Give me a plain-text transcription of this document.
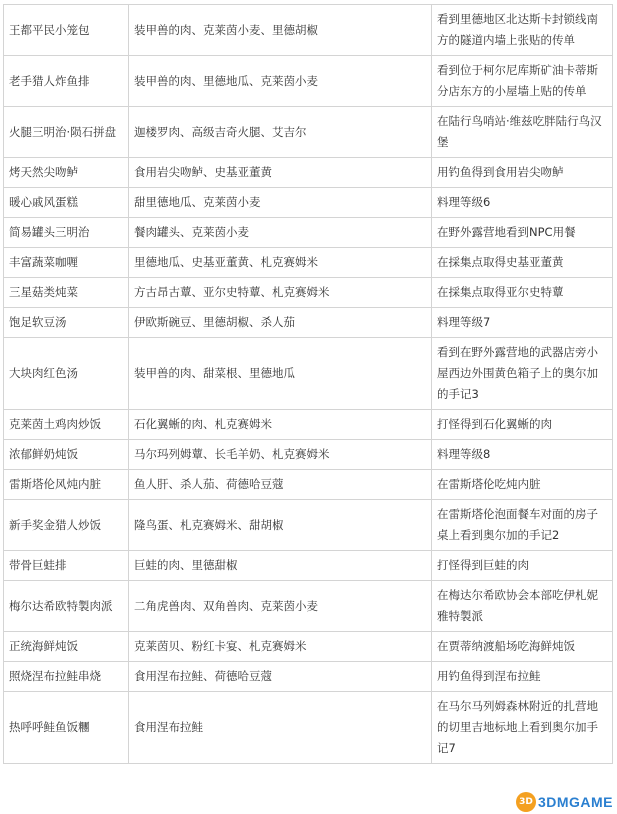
王都平民小笼包	装甲兽的肉、克莱茵小麦、里德胡椒	看到里德地区北达斯卡封锁线南方的隧道内墙上张贴的传单
老手猎人炸鱼排	装甲兽的肉、里德地瓜、克莱茵小麦	看到位于柯尔尼库斯矿油卡蒂斯分店东方的小屋墙上贴的传单
火腿三明治·陨石拼盘	迦楼罗肉、高级吉奇火腿、艾吉尔	在陆行鸟哨站·维兹吃胖陆行鸟汉堡
烤天然尖吻鲈	食用岩尖吻鲈、史基亚董黄	用钓鱼得到食用岩尖吻鲈
暖心戚风蛋糕	甜里德地瓜、克莱茵小麦	料理等级6
简易罐头三明治	餐肉罐头、克莱茵小麦	在野外露营地看到NPC用餐
丰富蔬菜咖喱	里德地瓜、史基亚董黄、札克赛姆米	在採集点取得史基亚董黄
三星菇类炖菜	方古昂古蕈、亚尔史特蕈、札克赛姆米	在採集点取得亚尔史特蕈
饱足软豆汤	伊欧斯碗豆、里德胡椒、杀人茄	料理等级7
大块肉红色汤	装甲兽的肉、甜菜根、里德地瓜	看到在野外露营地的武器店旁小屋西边外围黄色箱子上的奥尔加的手记3
克莱茵土鸡肉炒饭	石化翼蜥的肉、札克赛姆米	打怪得到石化翼蜥的肉
浓郁鲜奶炖饭	马尔玛列姆蕈、长毛羊奶、札克赛姆米	料理等级8
雷斯塔伦风炖内脏	鱼人肝、杀人茄、荷德哈豆蔻	在雷斯塔伦吃炖内脏
新手奖金猎人炒饭	隆鸟蛋、札克赛姆米、甜胡椒	在雷斯塔伦泡面餐车对面的房子桌上看到奥尔加的手记2
带骨巨蛙排	巨蛙的肉、里德甜椒	打怪得到巨蛙的肉
梅尔达希欧特製肉派	二角虎兽肉、双角兽肉、克莱茵小麦	在梅达尔希欧协会本部吃伊札妮雅特製派
正统海鲜炖饭	克莱茵贝、粉红卡宴、札克赛姆米	在贾蒂纳渡船场吃海鲜炖饭
照烧涅布拉鲑串烧	食用涅布拉鲑、荷德哈豆蔻	用钓鱼得到涅布拉鲑
热呼呼鲑鱼饭糰	食用涅布拉鲑	在马尔马列姆森林附近的扎营地的切里吉地标地上看到奥尔加手记7
3D 3DMGAME
